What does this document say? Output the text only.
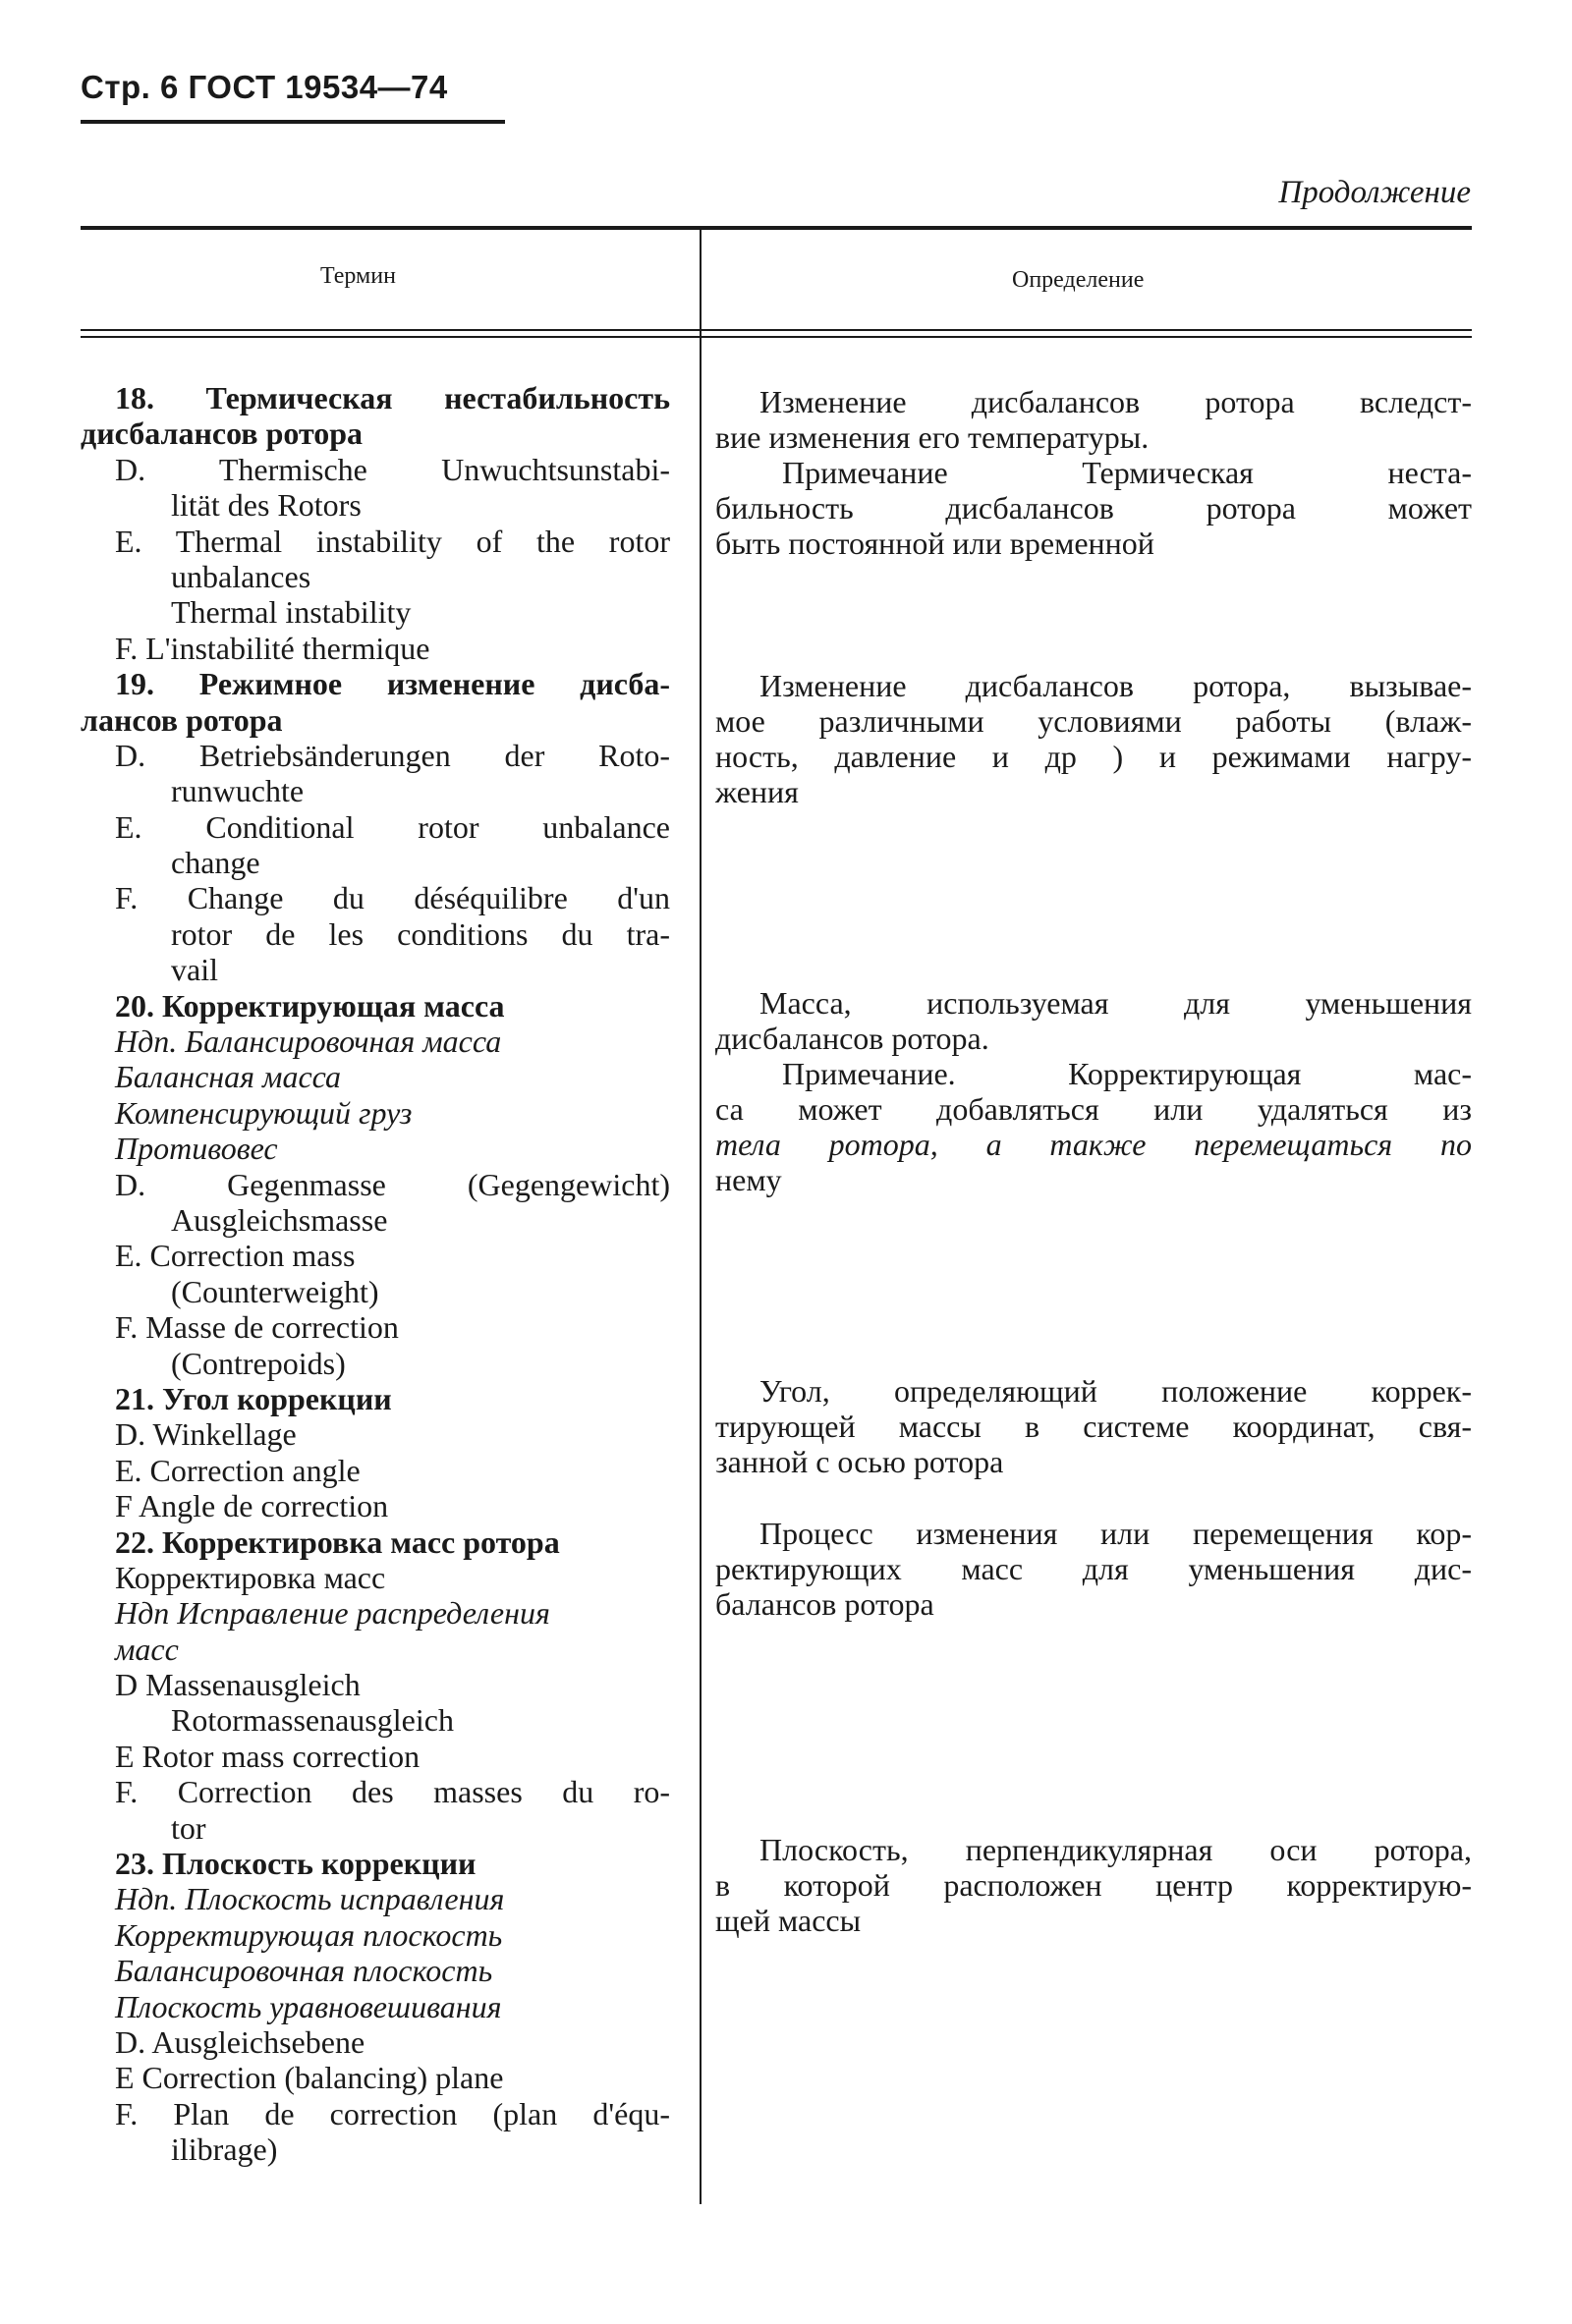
Стр. 6 ГОСТ 19534—74
Продолжение
Термин	Определение
18. Термическая нестабильность
дисбалансов ротора
D. Thermische Unwuchtsunstabi-
lität des Rotors
E. Thermal instability of the rotor
unbalances
Thermal instability
F. L'instabilité thermique
19. Режимное изменение дисба-
лансов ротора
D. Betriebsänderungen der Roto-
runwuchte
E. Conditional rotor unbalance
change
F. Change du déséquilibre d'un
rotor de les conditions du tra-
vail
20. Корректирующая масса
Ндп. Балансировочная масса
Балансная масса
Компенсирующий груз
Противовес
D. Gegenmasse (Gegengewicht)
Ausgleichsmasse
E. Correction mass
(Counterweight)
F. Masse de correction
(Contrepoids)
21. Угол коррекции
D. Winkellage
E. Correction angle
F Angle de correction
22. Корректировка масс ротора
Корректировка масс
Ндп Исправление распределения
масс
D Massenausgleich
Rotormassenausgleich
E Rotor mass correction
F. Correction des masses du ro-
tor
23. Плоскость коррекции
Ндп. Плоскость исправления
Корректирующая плоскость
Балансировочная плоскость
Плоскость уравновешивания
D. Ausgleichsebene
E Correction (balancing) plane
F. Plan de correction (plan d'équ-
ilibrage)
Изменение дисбалансов ротора вследст-
вие изменения его температуры.
Примечание Термическая неста-
бильность дисбалансов ротора может
быть постоянной или временной
Изменение дисбалансов ротора, вызывае-
мое различными условиями работы (влаж-
ность, давление и др ) и режимами нагру-
жения
Масса, используемая для уменьшения
дисбалансов ротора.
Примечание. Корректирующая мас-
са может добавляться или удаляться из
тела ротора, а также перемещаться по
нему
Угол, определяющий положение коррек-
тирующей массы в системе координат, свя-
занной с осью ротора
Процесс изменения или перемещения кор-
ректирующих масс для уменьшения дис-
балансов ротора
Плоскость, перпендикулярная оси ротора,
в которой расположен центр корректирую-
щей массы
